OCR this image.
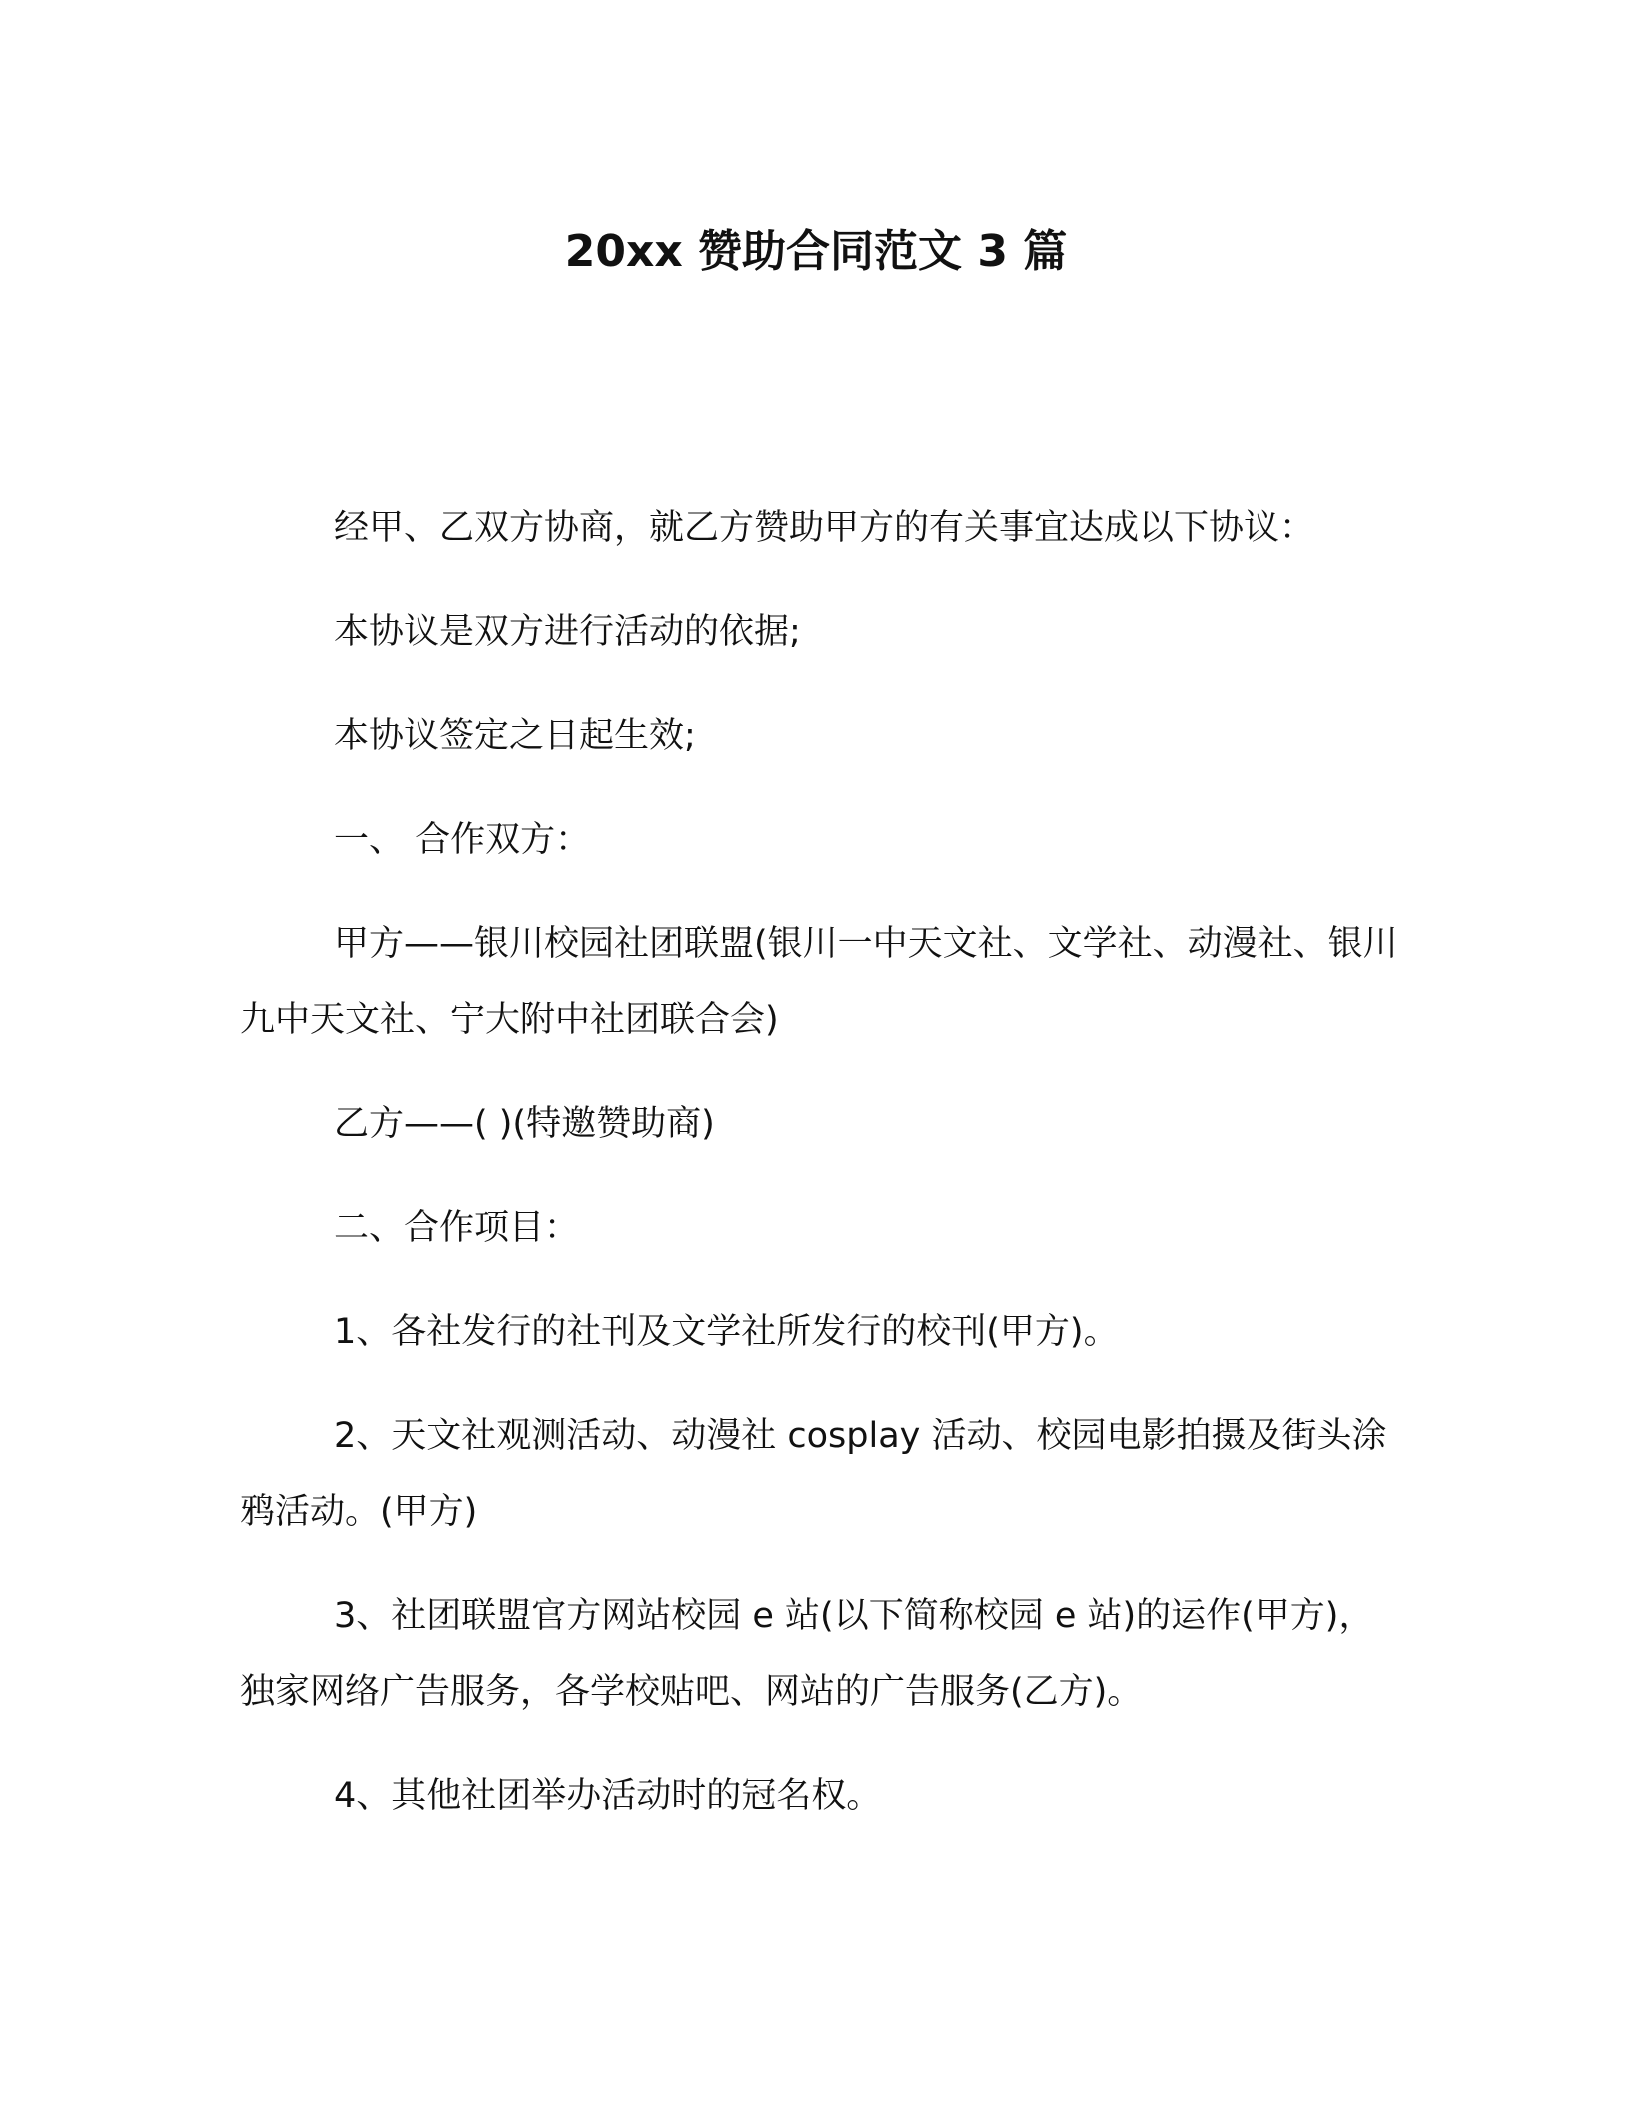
20xx 赞助合同范文 3 篇

经甲、乙双方协商，就乙方赞助甲方的有关事宜达成以下协议：

本协议是双方进行活动的依据;

本协议签定之日起生效;

一、 合作双方：

甲方——银川校园社团联盟(银川一中天文社、文学社、动漫社、银川九中天文社、宁大附中社团联合会)

乙方——( )(特邀赞助商)

二、合作项目：

1、各社发行的社刊及文学社所发行的校刊(甲方)。

2、天文社观测活动、动漫社 cosplay 活动、校园电影拍摄及街头涂鸦活动。(甲方)

3、社团联盟官方网站校园 e 站(以下简称校园 e 站)的运作(甲方)，独家网络广告服务，各学校贴吧、网站的广告服务(乙方)。

4、其他社团举办活动时的冠名权。
